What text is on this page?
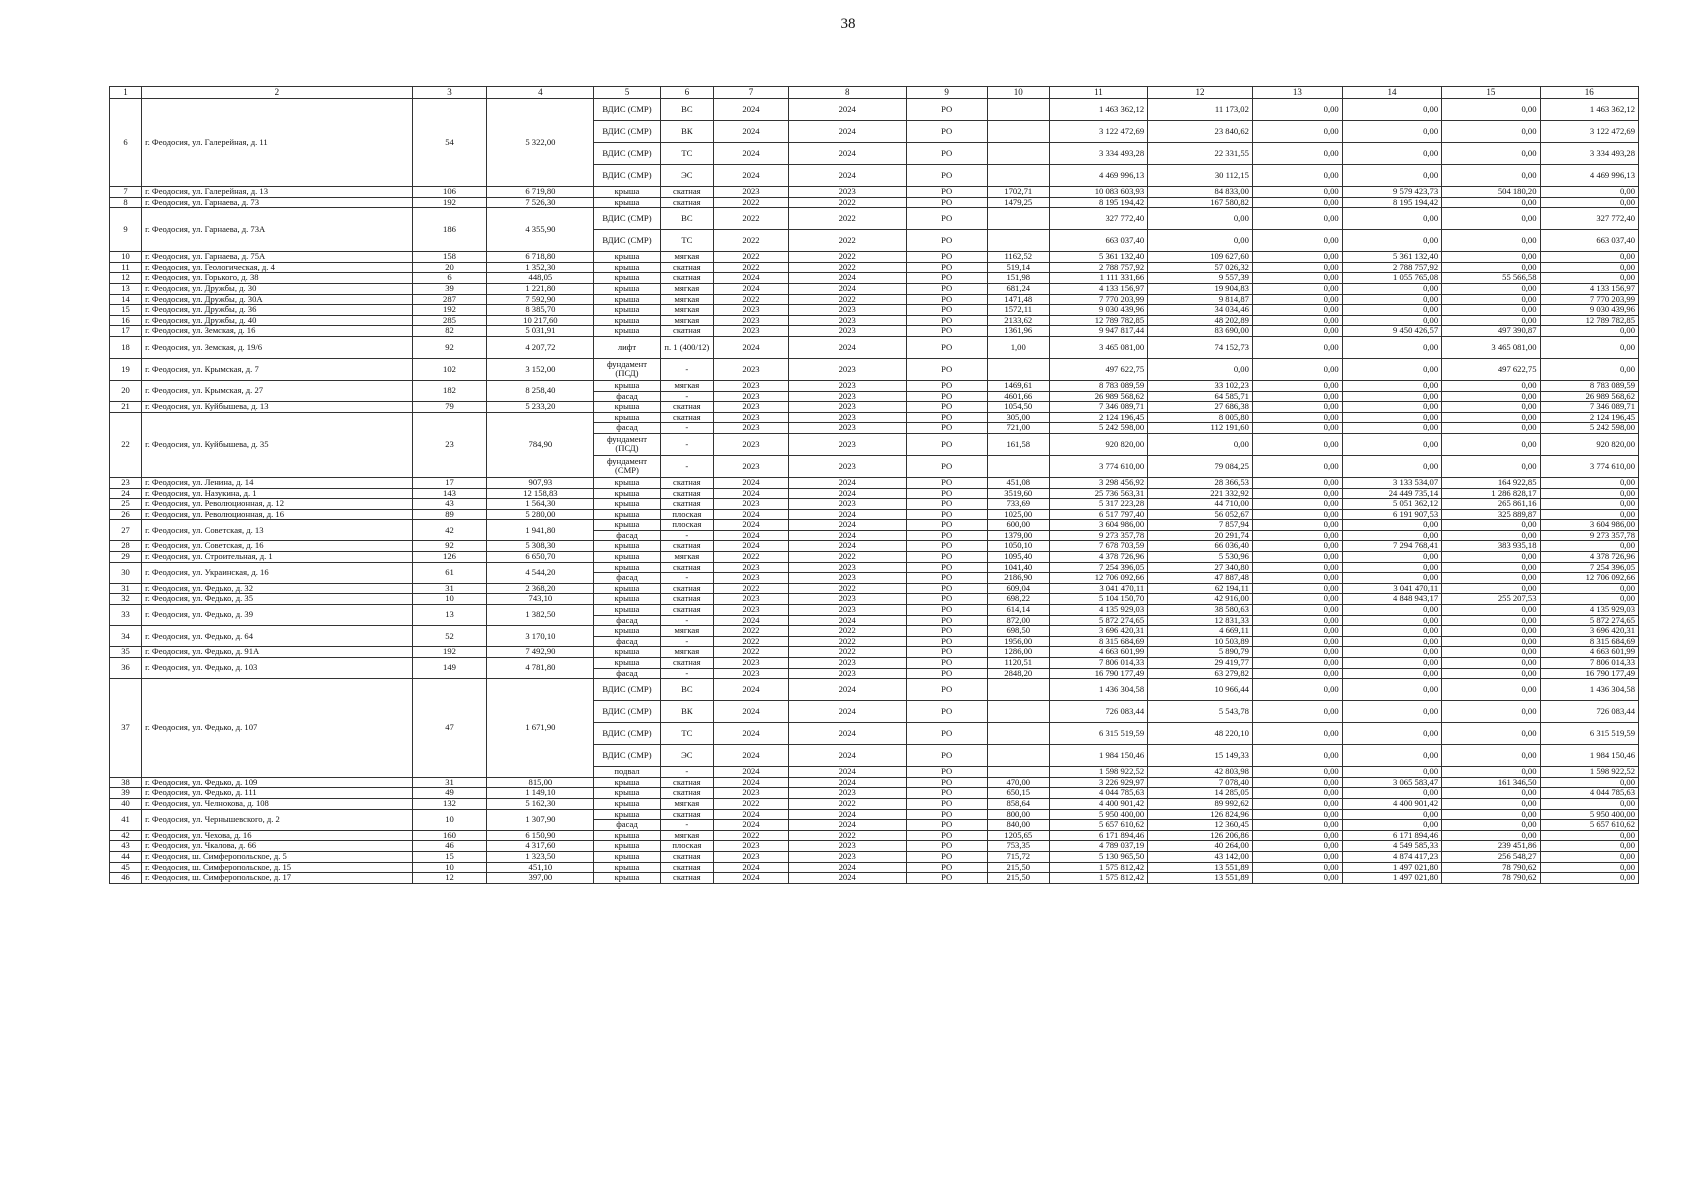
38
1	2	3	4	5	6	7	8	9	10	11	12	13	14	15	16
6	г. Феодосия, ул. Галерейная, д. 11	54	5 322,00	ВДИС (СМР)	ВС	2024	2024	РО		1 463 362,12	11 173,02	0,00	0,00	0,00	1 463 362,12
				ВДИС (СМР)	ВК	2024	2024	РО		3 122 472,69	23 840,62	0,00	0,00	0,00	3 122 472,69
				ВДИС (СМР)	ТС	2024	2024	РО		3 334 493,28	22 331,55	0,00	0,00	0,00	3 334 493,28
				ВДИС (СМР)	ЭС	2024	2024	РО		4 469 996,13	30 112,15	0,00	0,00	0,00	4 469 996,13
7	г. Феодосия, ул. Галерейная, д. 13	106	6 719,80	крыша	скатная	2023	2023	РО	1702,71	10 083 603,93	84 833,00	0,00	9 579 423,73	504 180,20	0,00
8	г. Феодосия, ул. Гарнаева, д. 73	192	7 526,30	крыша	скатная	2022	2022	РО	1479,25	8 195 194,42	167 580,82	0,00	8 195 194,42	0,00	0,00
9	г. Феодосия, ул. Гарнаева, д. 73А	186	4 355,90	ВДИС (СМР)	ВС	2022	2022	РО		327 772,40	0,00	0,00	0,00	0,00	327 772,40
				ВДИС (СМР)	ТС	2022	2022	РО		663 037,40	0,00	0,00	0,00	0,00	663 037,40
10	г. Феодосия, ул. Гарнаева, д. 75А	158	6 718,80	крыша	мягкая	2022	2022	РО	1162,52	5 361 132,40	109 627,60	0,00	5 361 132,40	0,00	0,00
11	г. Феодосия, ул. Геологическая, д. 4	20	1 352,30	крыша	скатная	2022	2022	РО	519,14	2 788 757,92	57 026,32	0,00	2 788 757,92	0,00	0,00
12	г. Феодосия, ул. Горького, д. 38	6	448,05	крыша	скатная	2024	2024	РО	151,98	1 111 331,66	9 557,39	0,00	1 055 765,08	55 566,58	0,00
13	г. Феодосия, ул. Дружбы, д. 30	39	1 221,80	крыша	мягкая	2024	2024	РО	681,24	4 133 156,97	19 904,83	0,00	0,00	0,00	4 133 156,97
14	г. Феодосия, ул. Дружбы, д. 30А	287	7 592,90	крыша	мягкая	2022	2022	РО	1471,48	7 770 203,99	9 814,87	0,00	0,00	0,00	7 770 203,99
15	г. Феодосия, ул. Дружбы, д. 36	192	8 385,70	крыша	мягкая	2023	2023	РО	1572,11	9 030 439,96	34 034,46	0,00	0,00	0,00	9 030 439,96
16	г. Феодосия, ул. Дружбы, д. 40	285	10 217,60	крыша	мягкая	2023	2023	РО	2133,62	12 789 782,85	48 202,89	0,00	0,00	0,00	12 789 782,85
17	г. Феодосия, ул. Земская, д. 16	82	5 031,91	крыша	скатная	2023	2023	РО	1361,96	9 947 817,44	83 690,00	0,00	9 450 426,57	497 390,87	0,00
18	г. Феодосия, ул. Земская, д. 19/6	92	4 207,72	лифт	п. 1 (400/12)	2024	2024	РО	1,00	3 465 081,00	74 152,73	0,00	0,00	3 465 081,00	0,00
19	г. Феодосия, ул. Крымская, д. 7	102	3 152,00	фундамент (ПСД)	-	2023	2023	РО		497 622,75	0,00	0,00	0,00	497 622,75	0,00
20	г. Феодосия, ул. Крымская, д. 27	182	8 258,40	крыша	мягкая	2023	2023	РО	1469,61	8 783 089,59	33 102,23	0,00	0,00	0,00	8 783 089,59
				фасад	-	2023	2023	РО	4601,66	26 989 568,62	64 585,71	0,00	0,00	0,00	26 989 568,62
21	г. Феодосия, ул. Куйбышева, д. 13	79	5 233,20	крыша	скатная	2023	2023	РО	1054,50	7 346 089,71	27 686,38	0,00	0,00	0,00	7 346 089,71
22	г. Феодосия, ул. Куйбышева, д. 35	23	784,90	крыша	скатная	2023	2023	РО	305,00	2 124 196,45	8 005,80	0,00	0,00	0,00	2 124 196,45
				фасад	-	2023	2023	РО	721,00	5 242 598,00	112 191,60	0,00	0,00	0,00	5 242 598,00
				фундамент (ПСД)	-	2023	2023	РО	161,58	920 820,00	0,00	0,00	0,00	0,00	920 820,00
				фундамент (СМР)	-	2023	2023	РО		3 774 610,00	79 084,25	0,00	0,00	0,00	3 774 610,00
23	г. Феодосия, ул. Ленина, д. 14	17	907,93	крыша	скатная	2024	2024	РО	451,08	3 298 456,92	28 366,53	0,00	3 133 534,07	164 922,85	0,00
24	г. Феодосия, ул. Назукина, д. 1	143	12 158,83	крыша	скатная	2024	2024	РО	3519,60	25 736 563,31	221 332,92	0,00	24 449 735,14	1 286 828,17	0,00
25	г. Феодосия, ул. Революционная, д. 12	43	1 564,30	крыша	скатная	2023	2023	РО	733,69	5 317 223,28	44 710,00	0,00	5 051 362,12	265 861,16	0,00
26	г. Феодосия, ул. Революционная, д. 16	89	5 280,00	крыша	плоская	2024	2024	РО	1025,00	6 517 797,40	56 052,67	0,00	6 191 907,53	325 889,87	0,00
27	г. Феодосия, ул. Советская, д. 13	42	1 941,80	крыша	плоская	2024	2024	РО	600,00	3 604 986,00	7 857,94	0,00	0,00	0,00	3 604 986,00
				фасад	-	2024	2024	РО	1379,00	9 273 357,78	20 291,74	0,00	0,00	0,00	9 273 357,78
28	г. Феодосия, ул. Советская, д. 16	92	5 308,30	крыша	скатная	2024	2024	РО	1050,10	7 678 703,59	66 036,40	0,00	7 294 768,41	383 935,18	0,00
29	г. Феодосия, ул. Строительная, д. 1	126	6 650,70	крыша	мягкая	2022	2022	РО	1095,40	4 378 726,96	5 530,96	0,00	0,00	0,00	4 378 726,96
30	г. Феодосия, ул. Украинская, д. 16	61	4 544,20	крыша	скатная	2023	2023	РО	1041,40	7 254 396,05	27 340,80	0,00	0,00	0,00	7 254 396,05
				фасад	-	2023	2023	РО	2186,90	12 706 092,66	47 887,48	0,00	0,00	0,00	12 706 092,66
31	г. Феодосия, ул. Федько, д. 32	31	2 368,20	крыша	скатная	2022	2022	РО	609,04	3 041 470,11	62 194,11	0,00	3 041 470,11	0,00	0,00
32	г. Феодосия, ул. Федько, д. 35	10	743,10	крыша	скатная	2023	2023	РО	698,22	5 104 150,70	42 916,00	0,00	4 848 943,17	255 207,53	0,00
33	г. Феодосия, ул. Федько, д. 39	13	1 382,50	крыша	скатная	2023	2023	РО	614,14	4 135 929,03	38 580,63	0,00	0,00	0,00	4 135 929,03
				фасад	-	2024	2024	РО	872,00	5 872 274,65	12 831,33	0,00	0,00	0,00	5 872 274,65
34	г. Феодосия, ул. Федько, д. 64	52	3 170,10	крыша	мягкая	2022	2022	РО	698,50	3 696 420,31	4 669,11	0,00	0,00	0,00	3 696 420,31
				фасад	-	2022	2022	РО	1956,00	8 315 684,69	10 503,89	0,00	0,00	0,00	8 315 684,69
35	г. Феодосия, ул. Федько, д. 91А	192	7 492,90	крыша	мягкая	2022	2022	РО	1286,00	4 663 601,99	5 890,79	0,00	0,00	0,00	4 663 601,99
36	г. Феодосия, ул. Федько, д. 103	149	4 781,80	крыша	скатная	2023	2023	РО	1120,51	7 806 014,33	29 419,77	0,00	0,00	0,00	7 806 014,33
				фасад	-	2023	2023	РО	2848,20	16 790 177,49	63 279,82	0,00	0,00	0,00	16 790 177,49
37	г. Феодосия, ул. Федько, д. 107	47	1 671,90	ВДИС (СМР)	ВС	2024	2024	РО		1 436 304,58	10 966,44	0,00	0,00	0,00	1 436 304,58
				ВДИС (СМР)	ВК	2024	2024	РО		726 083,44	5 543,78	0,00	0,00	0,00	726 083,44
				ВДИС (СМР)	ТС	2024	2024	РО		6 315 519,59	48 220,10	0,00	0,00	0,00	6 315 519,59
				ВДИС (СМР)	ЭС	2024	2024	РО		1 984 150,46	15 149,33	0,00	0,00	0,00	1 984 150,46
				подвал	-	2024	2024	РО		1 598 922,52	42 803,98	0,00	0,00	0,00	1 598 922,52
38	г. Феодосия, ул. Федько, д. 109	31	815,00	крыша	скатная	2024	2024	РО	470,00	3 226 929,97	7 078,40	0,00	3 065 583,47	161 346,50	0,00
39	г. Феодосия, ул. Федько, д. 111	49	1 149,10	крыша	скатная	2023	2023	РО	650,15	4 044 785,63	14 285,05	0,00	0,00	0,00	4 044 785,63
40	г. Феодосия, ул. Челнокова, д. 108	132	5 162,30	крыша	мягкая	2022	2022	РО	858,64	4 400 901,42	89 992,62	0,00	4 400 901,42	0,00	0,00
41	г. Феодосия, ул. Чернышевского, д. 2	10	1 307,90	крыша	скатная	2024	2024	РО	800,00	5 950 400,00	126 824,96	0,00	0,00	0,00	5 950 400,00
				фасад	-	2024	2024	РО	840,00	5 657 610,62	12 360,45	0,00	0,00	0,00	5 657 610,62
42	г. Феодосия, ул. Чехова, д. 16	160	6 150,90	крыша	мягкая	2022	2022	РО	1205,65	6 171 894,46	126 206,86	0,00	6 171 894,46	0,00	0,00
43	г. Феодосия, ул. Чкалова, д. 66	46	4 317,60	крыша	плоская	2023	2023	РО	753,35	4 789 037,19	40 264,00	0,00	4 549 585,33	239 451,86	0,00
44	г. Феодосия, ш. Симферопольское, д. 5	15	1 323,50	крыша	скатная	2023	2023	РО	715,72	5 130 965,50	43 142,00	0,00	4 874 417,23	256 548,27	0,00
45	г. Феодосия, ш. Симферопольское, д. 15	10	451,10	крыша	скатная	2024	2024	РО	215,50	1 575 812,42	13 551,89	0,00	1 497 021,80	78 790,62	0,00
46	г. Феодосия, ш. Симферопольское, д. 17	12	397,00	крыша	скатная	2024	2024	РО	215,50	1 575 812,42	13 551,89	0,00	1 497 021,80	78 790,62	0,00
